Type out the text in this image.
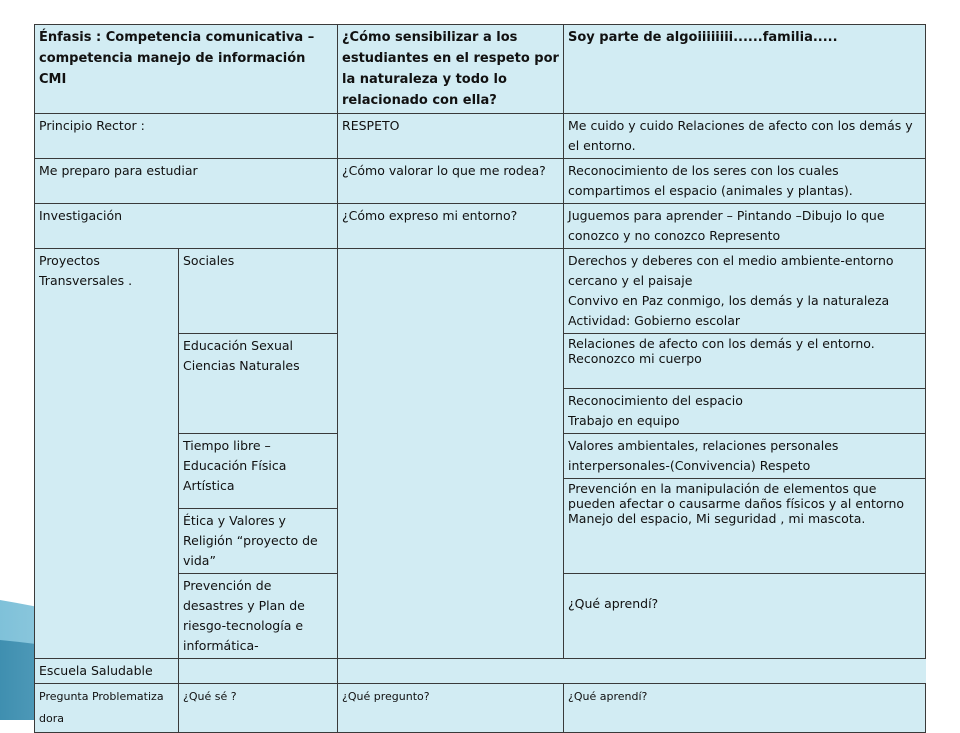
Énfasis : Competencia comunicativa – competencia manejo de información CMI		¿Cómo sensibilizar a los estudiantes en el respeto por la naturaleza y todo lo relacionado con ella?	Soy parte de algoiiiiiiii......familia.....
Principio Rector :		RESPETO	Me cuido y cuido Relaciones de afecto con los demás y el entorno.
Me preparo para estudiar		¿Cómo valorar lo que me rodea?	Reconocimiento de los seres con los cuales compartimos el espacio (animales y plantas).
Investigación		¿Cómo expreso mi entorno?	Juguemos para aprender – Pintando –Dibujo lo que conozco y no conozco Represento
Proyectos Transversales .	Sociales		Derechos y deberes con el medio ambiente-entorno
cercano y el paisaje
Convivo en Paz conmigo, los demás y la naturaleza
Actividad: Gobierno escolar

	Educación Sexual Ciencias Naturales		Relaciones de afecto con los demás y el entorno.
Reconozco mi cuerpo

			Reconocimiento del espacio
Trabajo en equipo

	Tiempo libre – Educación Física Artística		Valores ambientales, relaciones personales interpersonales-(Convivencia) Respeto

			Prevención en la manipulación de elementos que pueden afectar o causarme daños físicos y al entorno
Manejo del espacio, Mi seguridad , mi mascota.

	Ética y Valores y Religión “proyecto de vida”		
	Prevención de desastres y Plan de riesgo-tecnología e informática-		¿Qué aprendí?

Escuela Saludable			
Pregunta Problematiza dora	¿Qué sé ?	¿Qué pregunto?	¿Qué aprendí?
